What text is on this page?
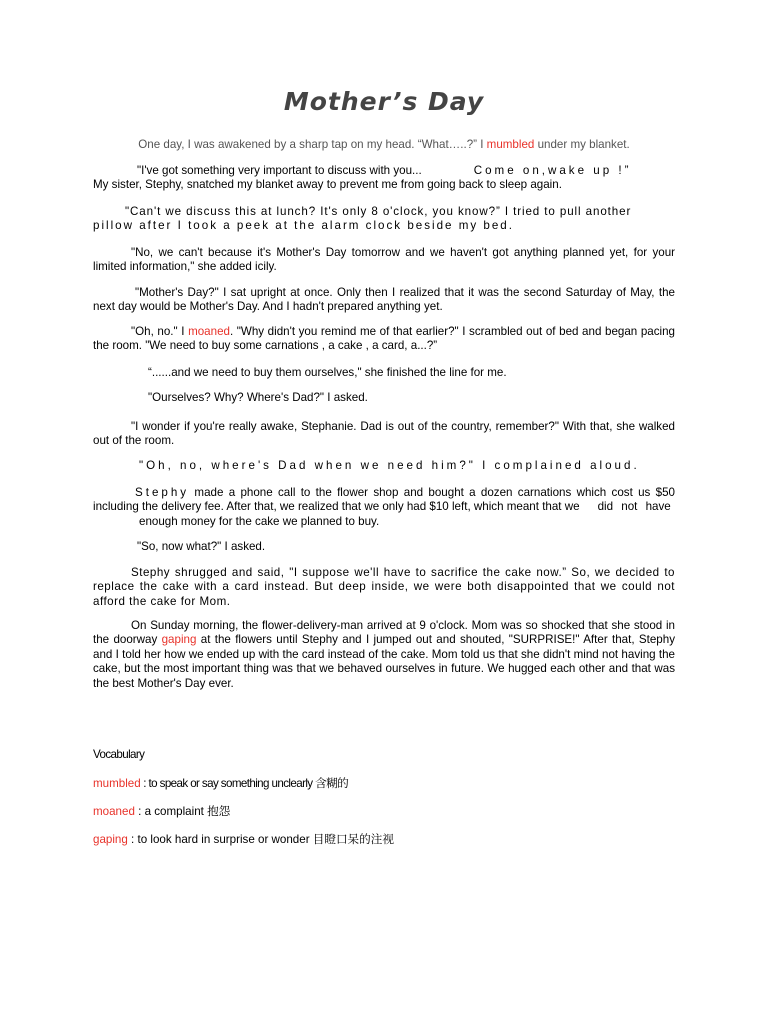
Mother’s Day

One day, I was awakened by a sharp tap on my head. “What…..?” I mumbled under my blanket.

"I've got something very important to discuss with you...	Come on,wake up !”
My sister, Stephy, snatched my blanket away to prevent me from going back to sleep again.

"Can't we discuss this at lunch? It's only 8 o'clock, you know?” I tried to pull another
pillow after I took a peek at the alarm clock beside my bed.

"No, we can't because it's Mother's Day tomorrow and we haven't got anything planned yet, for your limited information," she added icily.

"Mother's Day?" I sat upright at once. Only then I realized that it was the second Saturday of May, the next day would be Mother's Day. And I hadn't prepared anything yet.

"Oh, no." I moaned. "Why didn't you remind me of that earlier?" I scrambled out of bed and began pacing the room. "We need to buy some carnations , a cake , a card, a...?”

“......and we need to buy them ourselves," she finished the line for me.

"Ourselves? Why? Where's Dad?" I asked.

"I wonder if you're really awake, Stephanie. Dad is out of the country, remember?" With that, she walked out of the room.

"Oh, no, where's Dad when we need him?" I complained aloud.

Stephy made a phone call to the flower shop and bought a dozen carnations which cost us $50 including the delivery fee. After that, we realized that we only had $10 left, which meant that we did not have
enough money for the cake we planned to buy.

"So, now what?" I asked.

Stephy shrugged and said, "I suppose we'll have to sacrifice the cake now.” So, we decided to replace the cake with a card instead. But deep inside, we were both disappointed that we could not afford the cake for Mom.

On Sunday morning, the flower-delivery-man arrived at 9 o'clock. Mom was so shocked that she stood in the doorway gaping at the flowers until Stephy and I jumped out and shouted, "SURPRISE!" After that, Stephy and I told her how we ended up with the card instead of the cake. Mom told us that she didn't mind not having the cake, but the most important thing was that we behaved ourselves in future. We hugged each other and that was the best Mother's Day ever.

Vocabulary

mumbled : to speak or say something unclearly 含糊的

moaned : a complaint 抱怨

gaping : to look hard in surprise or wonder 目瞪口呆的注视
